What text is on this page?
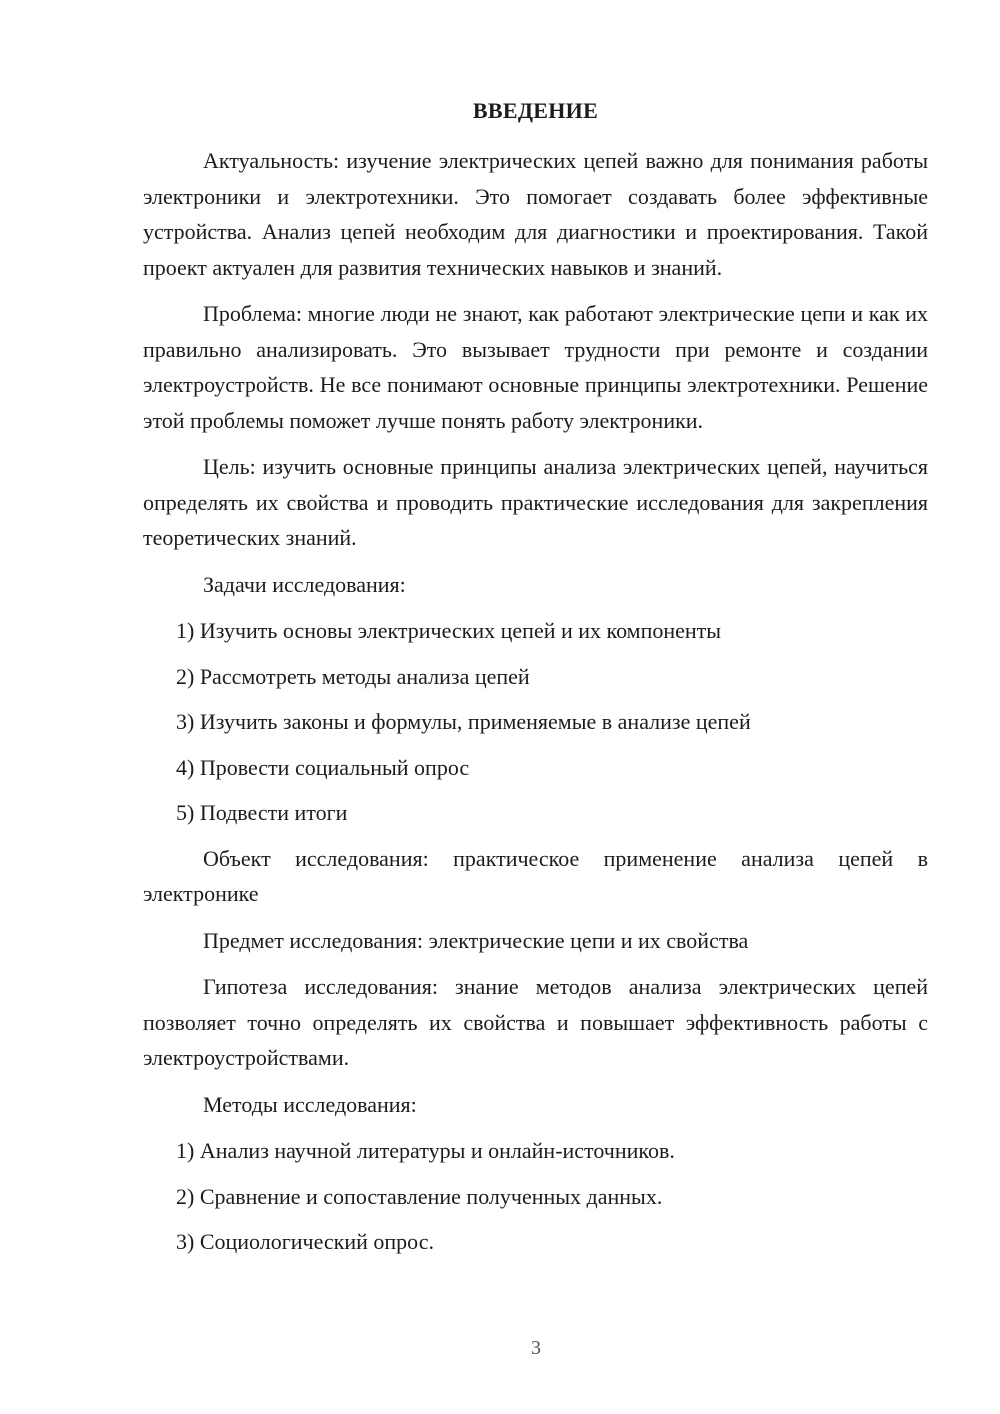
ВВЕДЕНИЕ

Актуальность: изучение электрических цепей важно для понимания работы электроники и электротехники. Это помогает создавать более эффективные устройства. Анализ цепей необходим для диагностики и проектирования. Такой проект актуален для развития технических навыков и знаний.

Проблема: многие люди не знают, как работают электрические цепи и как их правильно анализировать. Это вызывает трудности при ремонте и создании электроустройств. Не все понимают основные принципы электротехники. Решение этой проблемы поможет лучше понять работу электроники.

Цель: изучить основные принципы анализа электрических цепей, научиться определять их свойства и проводить практические исследования для закрепления теоретических знаний.

Задачи исследования:

1) Изучить основы электрических цепей и их компоненты

2) Рассмотреть методы анализа цепей

3) Изучить законы и формулы, применяемые в анализе цепей

4) Провести социальный опрос

5) Подвести итоги

Объект исследования: практическое применение анализа цепей в электронике

Предмет исследования: электрические цепи и их свойства

Гипотеза исследования: знание методов анализа электрических цепей позволяет точно определять их свойства и повышает эффективность работы с электроустройствами.

Методы исследования:

1) Анализ научной литературы и онлайн-источников.

2) Сравнение и сопоставление полученных данных.

3) Социологический опрос.

3
